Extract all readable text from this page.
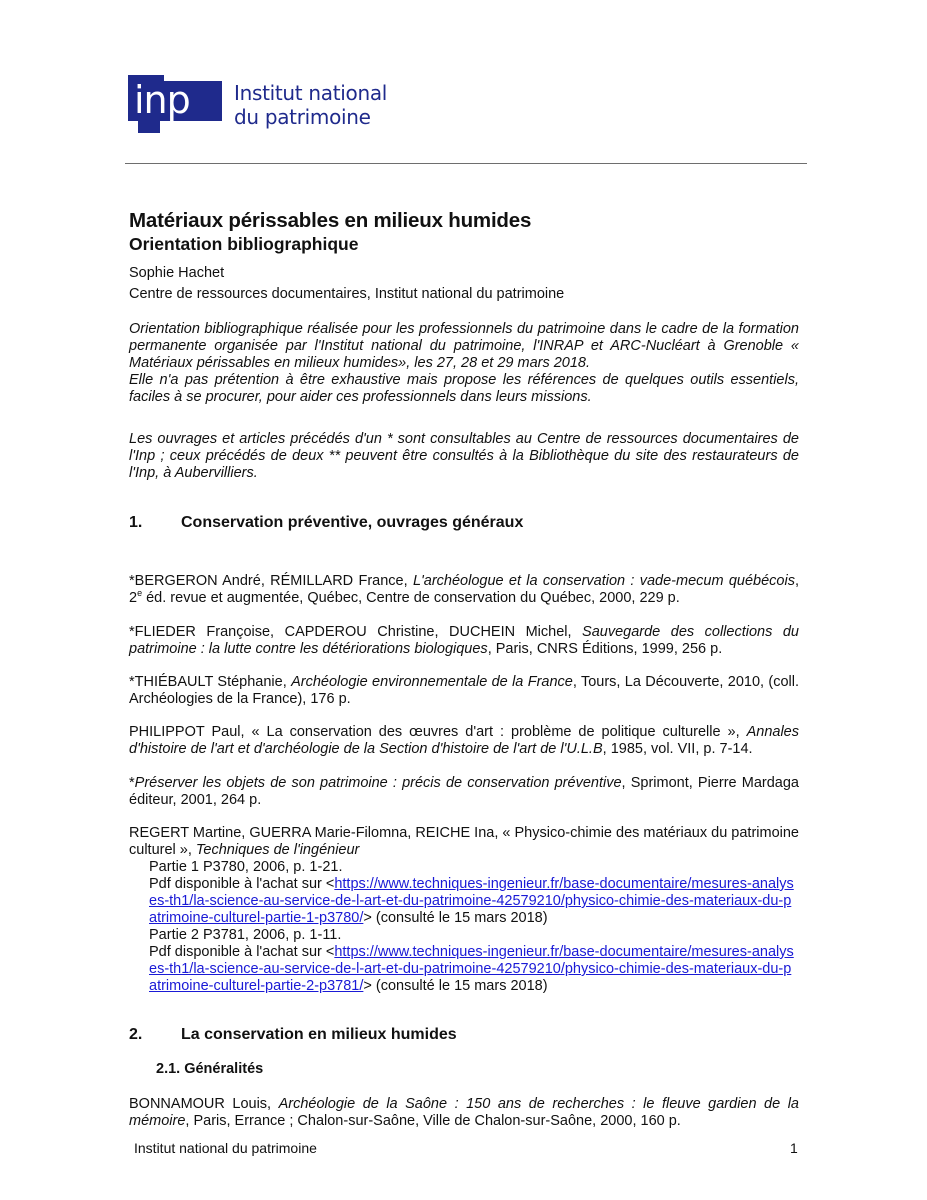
inp Institut national
du patrimoine
Matériaux périssables en milieux humides
Orientation bibliographique
Sophie Hachet
Centre de ressources documentaires, Institut national du patrimoine

Orientation bibliographique réalisée pour les professionnels du patrimoine dans le cadre de la formation permanente organisée par l'Institut national du patrimoine, l'INRAP et ARC-Nucléart à Grenoble « Matériaux périssables en milieux humides», les 27, 28 et 29 mars 2018.

Elle n'a pas prétention à être exhaustive mais propose les références de quelques outils essentiels, faciles à se procurer, pour aider ces professionnels dans leurs missions.

Les ouvrages et articles précédés d'un * sont consultables au Centre de ressources documentaires de l'Inp ; ceux précédés de deux ** peuvent être consultés à la Bibliothèque du site des restaurateurs de l'Inp, à Aubervilliers.

1. Conservation préventive, ouvrages généraux
*BERGERON André, RÉMILLARD France, L'archéologue et la conservation : vade-mecum québécois, 2e éd. revue et augmentée, Québec, Centre de conservation du Québec, 2000, 229 p.
*FLIEDER Françoise, CAPDEROU Christine, DUCHEIN Michel, Sauvegarde des collections du patrimoine : la lutte contre les détériorations biologiques, Paris, CNRS Éditions, 1999, 256 p.
*THIÉBAULT Stéphanie, Archéologie environnementale de la France, Tours, La Découverte, 2010, (coll. Archéologies de la France), 176 p.
PHILIPPOT Paul, « La conservation des œuvres d'art : problème de politique culturelle », Annales d'histoire de l'art et d'archéologie de la Section d'histoire de l'art de l'U.L.B, 1985, vol. VII, p. 7-14.
*Préserver les objets de son patrimoine : précis de conservation préventive, Sprimont, Pierre Mardaga éditeur, 2001, 264 p.
REGERT Martine, GUERRA Marie-Filomna, REICHE Ina, « Physico-chimie des matériaux du patrimoine culturel », Techniques de l'ingénieur
Partie 1 P3780, 2006, p. 1-21.
Pdf disponible à l'achat sur <https://www.techniques-ingenieur.fr/base-documentaire/mesures-analyses-th1/la-science-au-service-de-l-art-et-du-patrimoine-42579210/physico-chimie-des-materiaux-du-patrimoine-culturel-partie-1-p3780/> (consulté le 15 mars 2018)
Partie 2 P3781, 2006, p. 1-11.
Pdf disponible à l'achat sur <https://www.techniques-ingenieur.fr/base-documentaire/mesures-analyses-th1/la-science-au-service-de-l-art-et-du-patrimoine-42579210/physico-chimie-des-materiaux-du-patrimoine-culturel-partie-2-p3781/> (consulté le 15 mars 2018)
2. La conservation en milieux humides
2.1. Généralités
BONNAMOUR Louis, Archéologie de la Saône : 150 ans de recherches : le fleuve gardien de la mémoire, Paris, Errance ; Chalon-sur-Saône, Ville de Chalon-sur-Saône, 2000, 160 p.
Institut national du patrimoine	1
